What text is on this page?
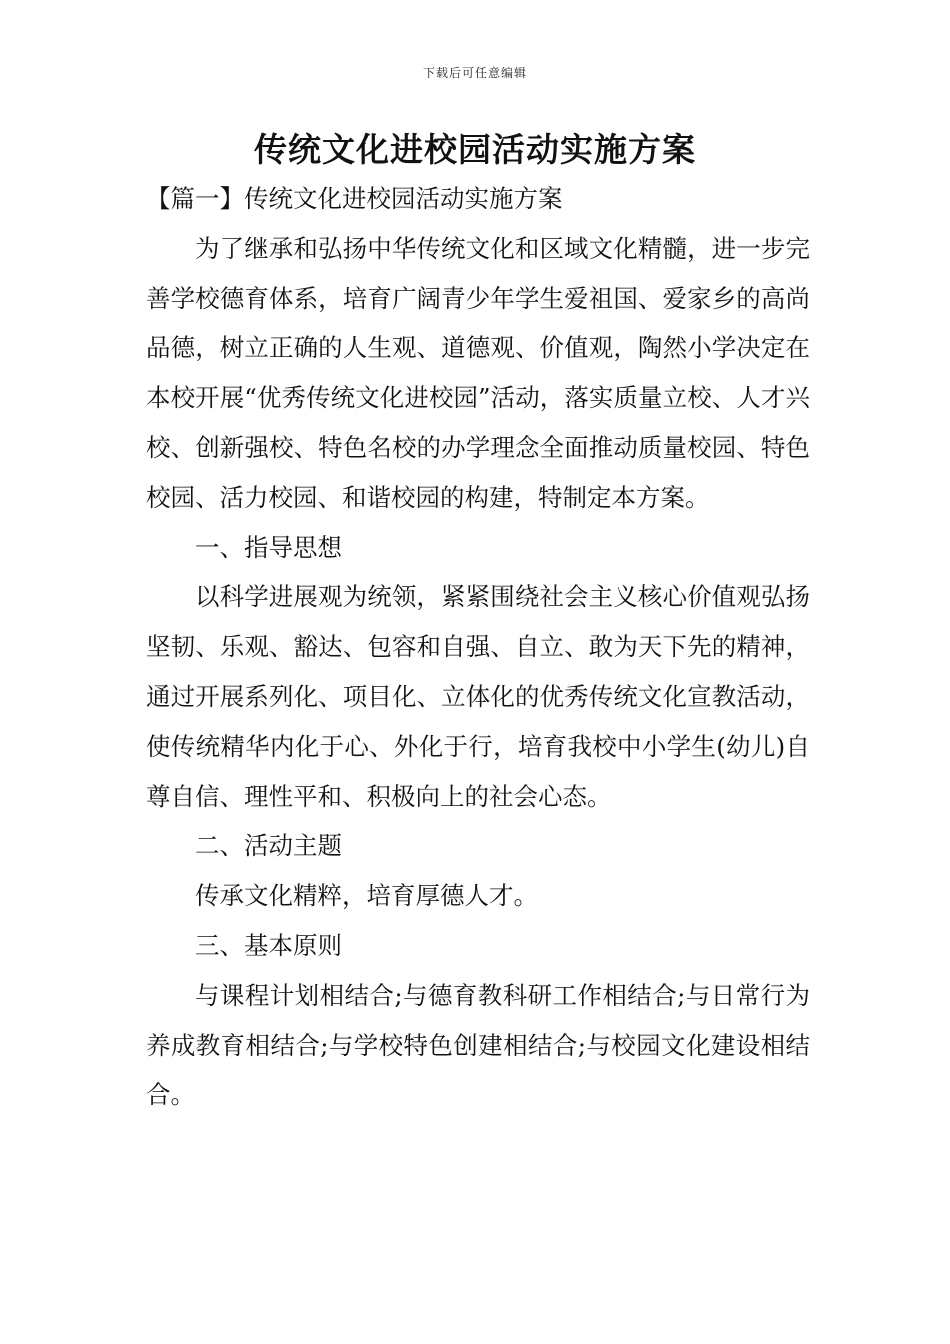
下载后可任意编辑
传统文化进校园活动实施方案

【篇一】传统文化进校园活动实施方案

为了继承和弘扬中华传统文化和区域文化精髓，进一步完善学校德育体系，培育广阔青少年学生爱祖国、爱家乡的高尚品德，树立正确的人生观、道德观、价值观，陶然小学决定在本校开展“优秀传统文化进校园”活动，落实质量立校、人才兴校、创新强校、特色名校的办学理念全面推动质量校园、特色校园、活力校园、和谐校园的构建，特制定本方案。

一、指导思想

以科学进展观为统领，紧紧围绕社会主义核心价值观弘扬坚韧、乐观、豁达、包容和自强、自立、敢为天下先的精神，通过开展系列化、项目化、立体化的优秀传统文化宣教活动，使传统精华内化于心、外化于行，培育我校中小学生(幼儿)自尊自信、理性平和、积极向上的社会心态。

二、活动主题

传承文化精粹，培育厚德人才。

三、基本原则

与课程计划相结合;与德育教科研工作相结合;与日常行为养成教育相结合;与学校特色创建相结合;与校园文化建设相结合。
